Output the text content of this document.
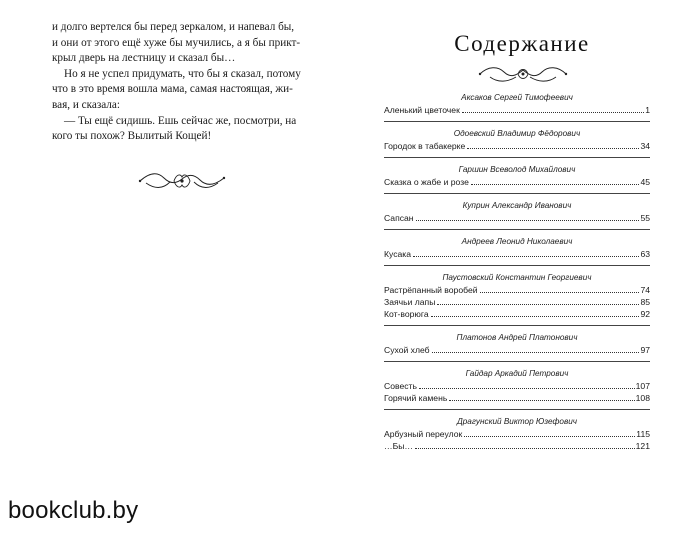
и долго вертелся бы перед зеркалом, и напевал бы,
и они от этого ещё хуже бы мучились, а я бы прикт-
крыл дверь на лестницу и сказал бы…
Но я не успел придумать, что бы я сказал, потому
что в это время вошла мама, самая настоящая, жи-
вая, и сказала:
— Ты ещё сидишь. Ешь сейчас же, посмотри, на
кого ты похож? Вылитый Кощей!
Содержание
Аксаков Сергей Тимофеевич
Аленький цветочек	1
Одоевский Владимир Фёдорович
Городок в табакерке	34
Гаршин Всеволод Михайлович
Сказка о жабе и розе	45
Куприн Александр Иванович
Сапсан	55
Андреев Леонид Николаевич
Кусака	63
Паустовский Константин Георгиевич
Растрёпанный воробей	74
Заячьи лапы	85
Кот-ворюга	92
Платонов Андрей Платонович
Сухой хлеб	97
Гайдар Аркадий Петрович
Совесть	107
Горячий камень	108
Драгунский Виктор Юзефович
Арбузный переулок	115
…Бы…	121
bookclub.by
